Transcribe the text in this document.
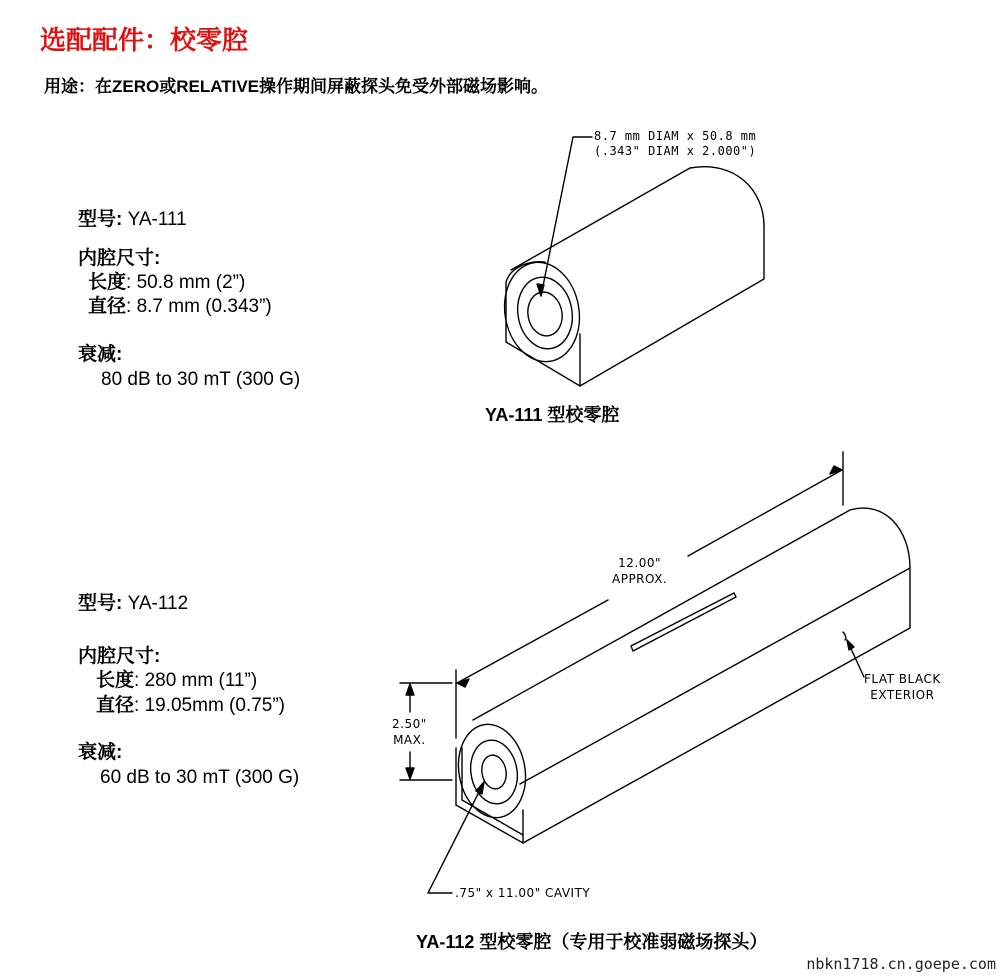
选配配件：校零腔
用途：在ZERO或RELATIVE操作期间屏蔽探头免受外部磁场影响。
型号: YA-111
内腔尺寸:
长度: 50.8 mm (2”)
直径: 8.7 mm (0.343”)
衰减:
80 dB to 30 mT (300 G)
型号: YA-112
内腔尺寸:
长度: 280 mm (11”)
直径: 19.05mm (0.75”)
衰减:
60 dB to 30 mT (300 G)
8.7 mm DIAM x 50.8 mm
(.343" DIAM x 2.000")
YA-111 型校零腔
12.00"
APPROX.
2.50"
MAX.
FLAT BLACK
EXTERIOR
.75" x 11.00" CAVITY
YA-112 型校零腔（专用于校准弱磁场探头）
nbkn1718.cn.goepe.com
